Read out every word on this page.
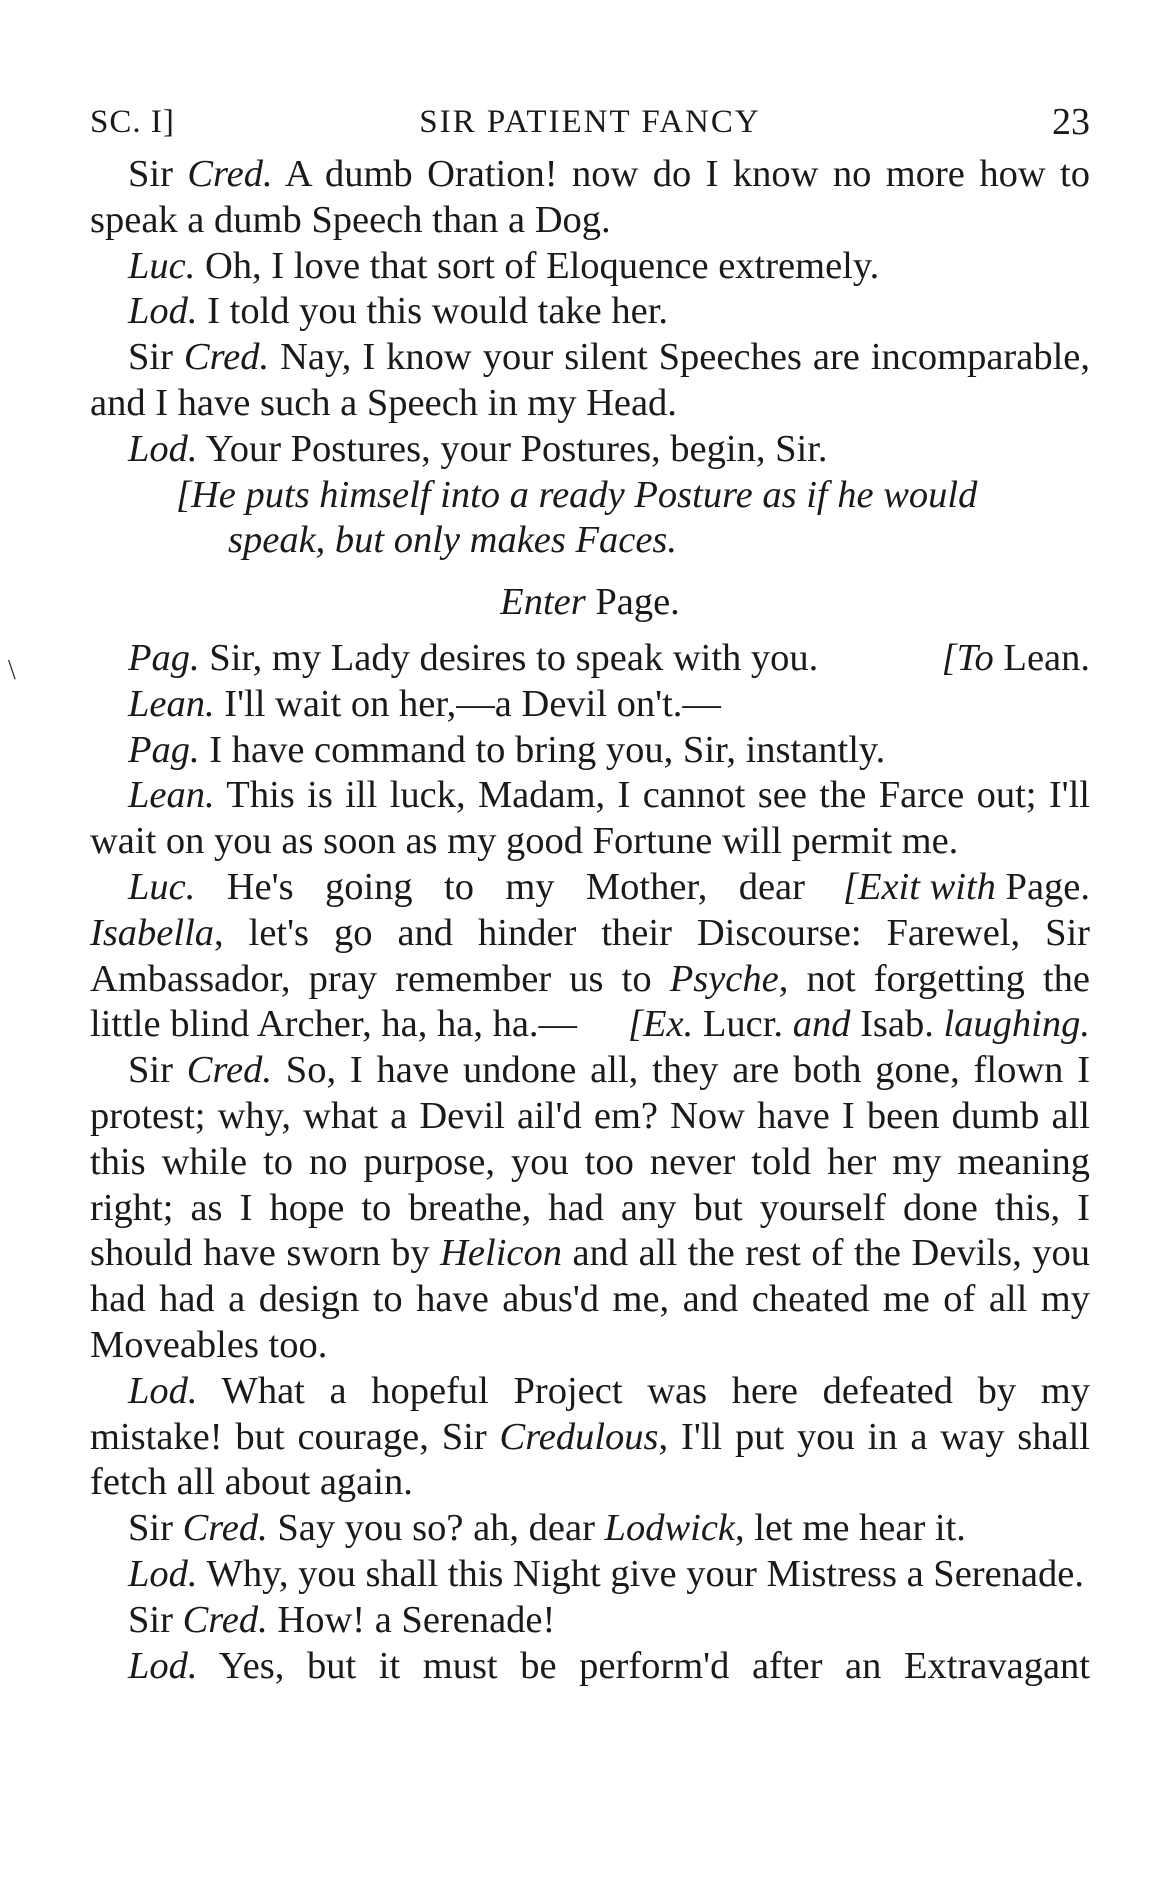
\
SC. I]	SIR PATIENT FANCY	23

Sir Cred. A dumb Oration! now do I know no more how to speak a dumb Speech than a Dog.

Luc. Oh, I love that sort of Eloquence extremely.

Lod. I told you this would take her.

Sir Cred. Nay, I know your silent Speeches are incomparable, and I have such a Speech in my Head.

Lod. Your Postures, your Postures, begin, Sir.

[He puts himself into a ready Posture as if he would
speak, but only makes Faces.

Enter Page.

Pag. Sir, my Lady desires to speak with you.	[To Lean.

Lean. I'll wait on her,—a Devil on't.—

Pag. I have command to bring you, Sir, instantly.

Lean. This is ill luck, Madam, I cannot see the Farce out; I'll wait on you as soon as my good Fortune will permit me.
[Exit with Page.

Luc. He's going to my Mother, dear Isabella, let's go and hinder their Discourse: Farewel, Sir Ambassador, pray remember us to Psyche, not forgetting the little blind Archer, ha, ha, ha.—	[Ex. Lucr. and Isab. laughing.

Sir Cred. So, I have undone all, they are both gone, flown I protest; why, what a Devil ail'd em? Now have I been dumb all this while to no purpose, you too never told her my meaning right; as I hope to breathe, had any but yourself done this, I should have sworn by Helicon and all the rest of the Devils, you had had a design to have abus'd me, and cheated me of all my Moveables too.

Lod. What a hopeful Project was here defeated by my mistake! but courage, Sir Credulous, I'll put you in a way shall fetch all about again.

Sir Cred. Say you so? ah, dear Lodwick, let me hear it.

Lod. Why, you shall this Night give your Mistress a Serenade.

Sir Cred. How! a Serenade!

Lod. Yes, but it must be perform'd after an Extravagant
